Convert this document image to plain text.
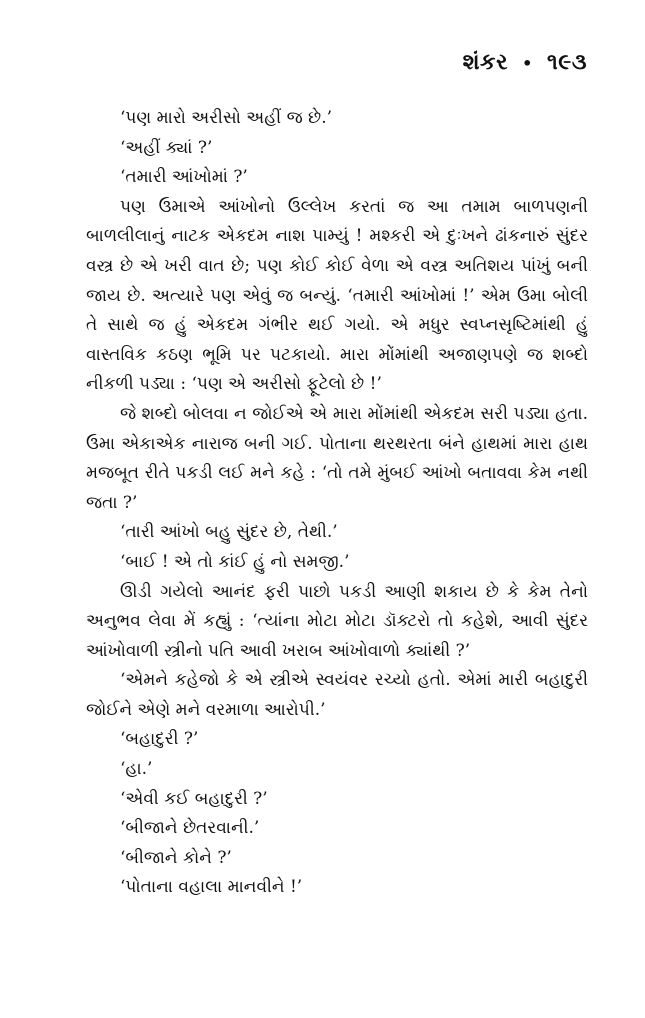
શંકર • ૧૯૩

‘પણ મારો અરીસો અહીં જ છે.’

‘અહીં ક્યાં ?’

‘તમારી આંખોમાં ?’

પણ ઉમાએ આંખોનો ઉલ્લેખ કરતાં જ આ તમામ બાળપણની બાળલીલાનું નાટક એકદમ નાશ પામ્યું ! મશ્કરી એ દુઃખને ઢાંકનારું સુંદર વસ્ત્ર છે એ ખરી વાત છે; પણ કોઈ કોઈ વેળા એ વસ્ત્ર અતિશય પાંખું બની જાય છે. અત્યારે પણ એવું જ બન્યું. ‘તમારી આંખોમાં !’ એમ ઉમા બોલી તે સાથે જ હું એકદમ ગંભીર થઈ ગયો. એ મધુર સ્વપ્નસૃષ્ટિમાંથી હું વાસ્તવિક કઠણ ભૂમિ પર પટકાયો. મારા મોંમાંથી અજાણપણે જ શબ્દો નીકળી પડ્યા : ‘પણ એ અરીસો ફૂટેલો છે !’

જે શબ્દો બોલવા ન જોઈએ એ મારા મોંમાંથી એકદમ સરી પડ્યા હતા. ઉમા એકાએક નારાજ બની ગઈ. પોતાના થરથરતા બંને હાથમાં મારા હાથ મજબૂત રીતે પકડી લઈ મને કહે : ‘તો તમે મુંબઈ આંખો બતાવવા કેમ નથી જતા ?’

‘તારી આંખો બહુ સુંદર છે, તેથી.’

‘બાઈ ! એ તો કાંઈ હું નો સમજી.’

ઊડી ગયેલો આનંદ ફરી પાછો પકડી આણી શકાય છે કે કેમ તેનો અનુભવ લેવા મેં કહ્યું : ‘ત્યાંના મોટા મોટા ડૉક્ટરો તો કહેશે, આવી સુંદર આંખોવાળી સ્ત્રીનો પતિ આવી ખરાબ આંખોવાળો ક્યાંથી ?’

‘એમને કહેજો કે એ સ્ત્રીએ સ્વયંવર રચ્યો હતો. એમાં મારી બહાદુરી જોઈને એણે મને વરમાળા આરોપી.’

‘બહાદુરી ?’

‘હા.’

‘એવી કઈ બહાદુરી ?’

‘બીજાને છેતરવાની.’

‘બીજાને કોને ?’

‘પોતાના વહાલા માનવીને !’
